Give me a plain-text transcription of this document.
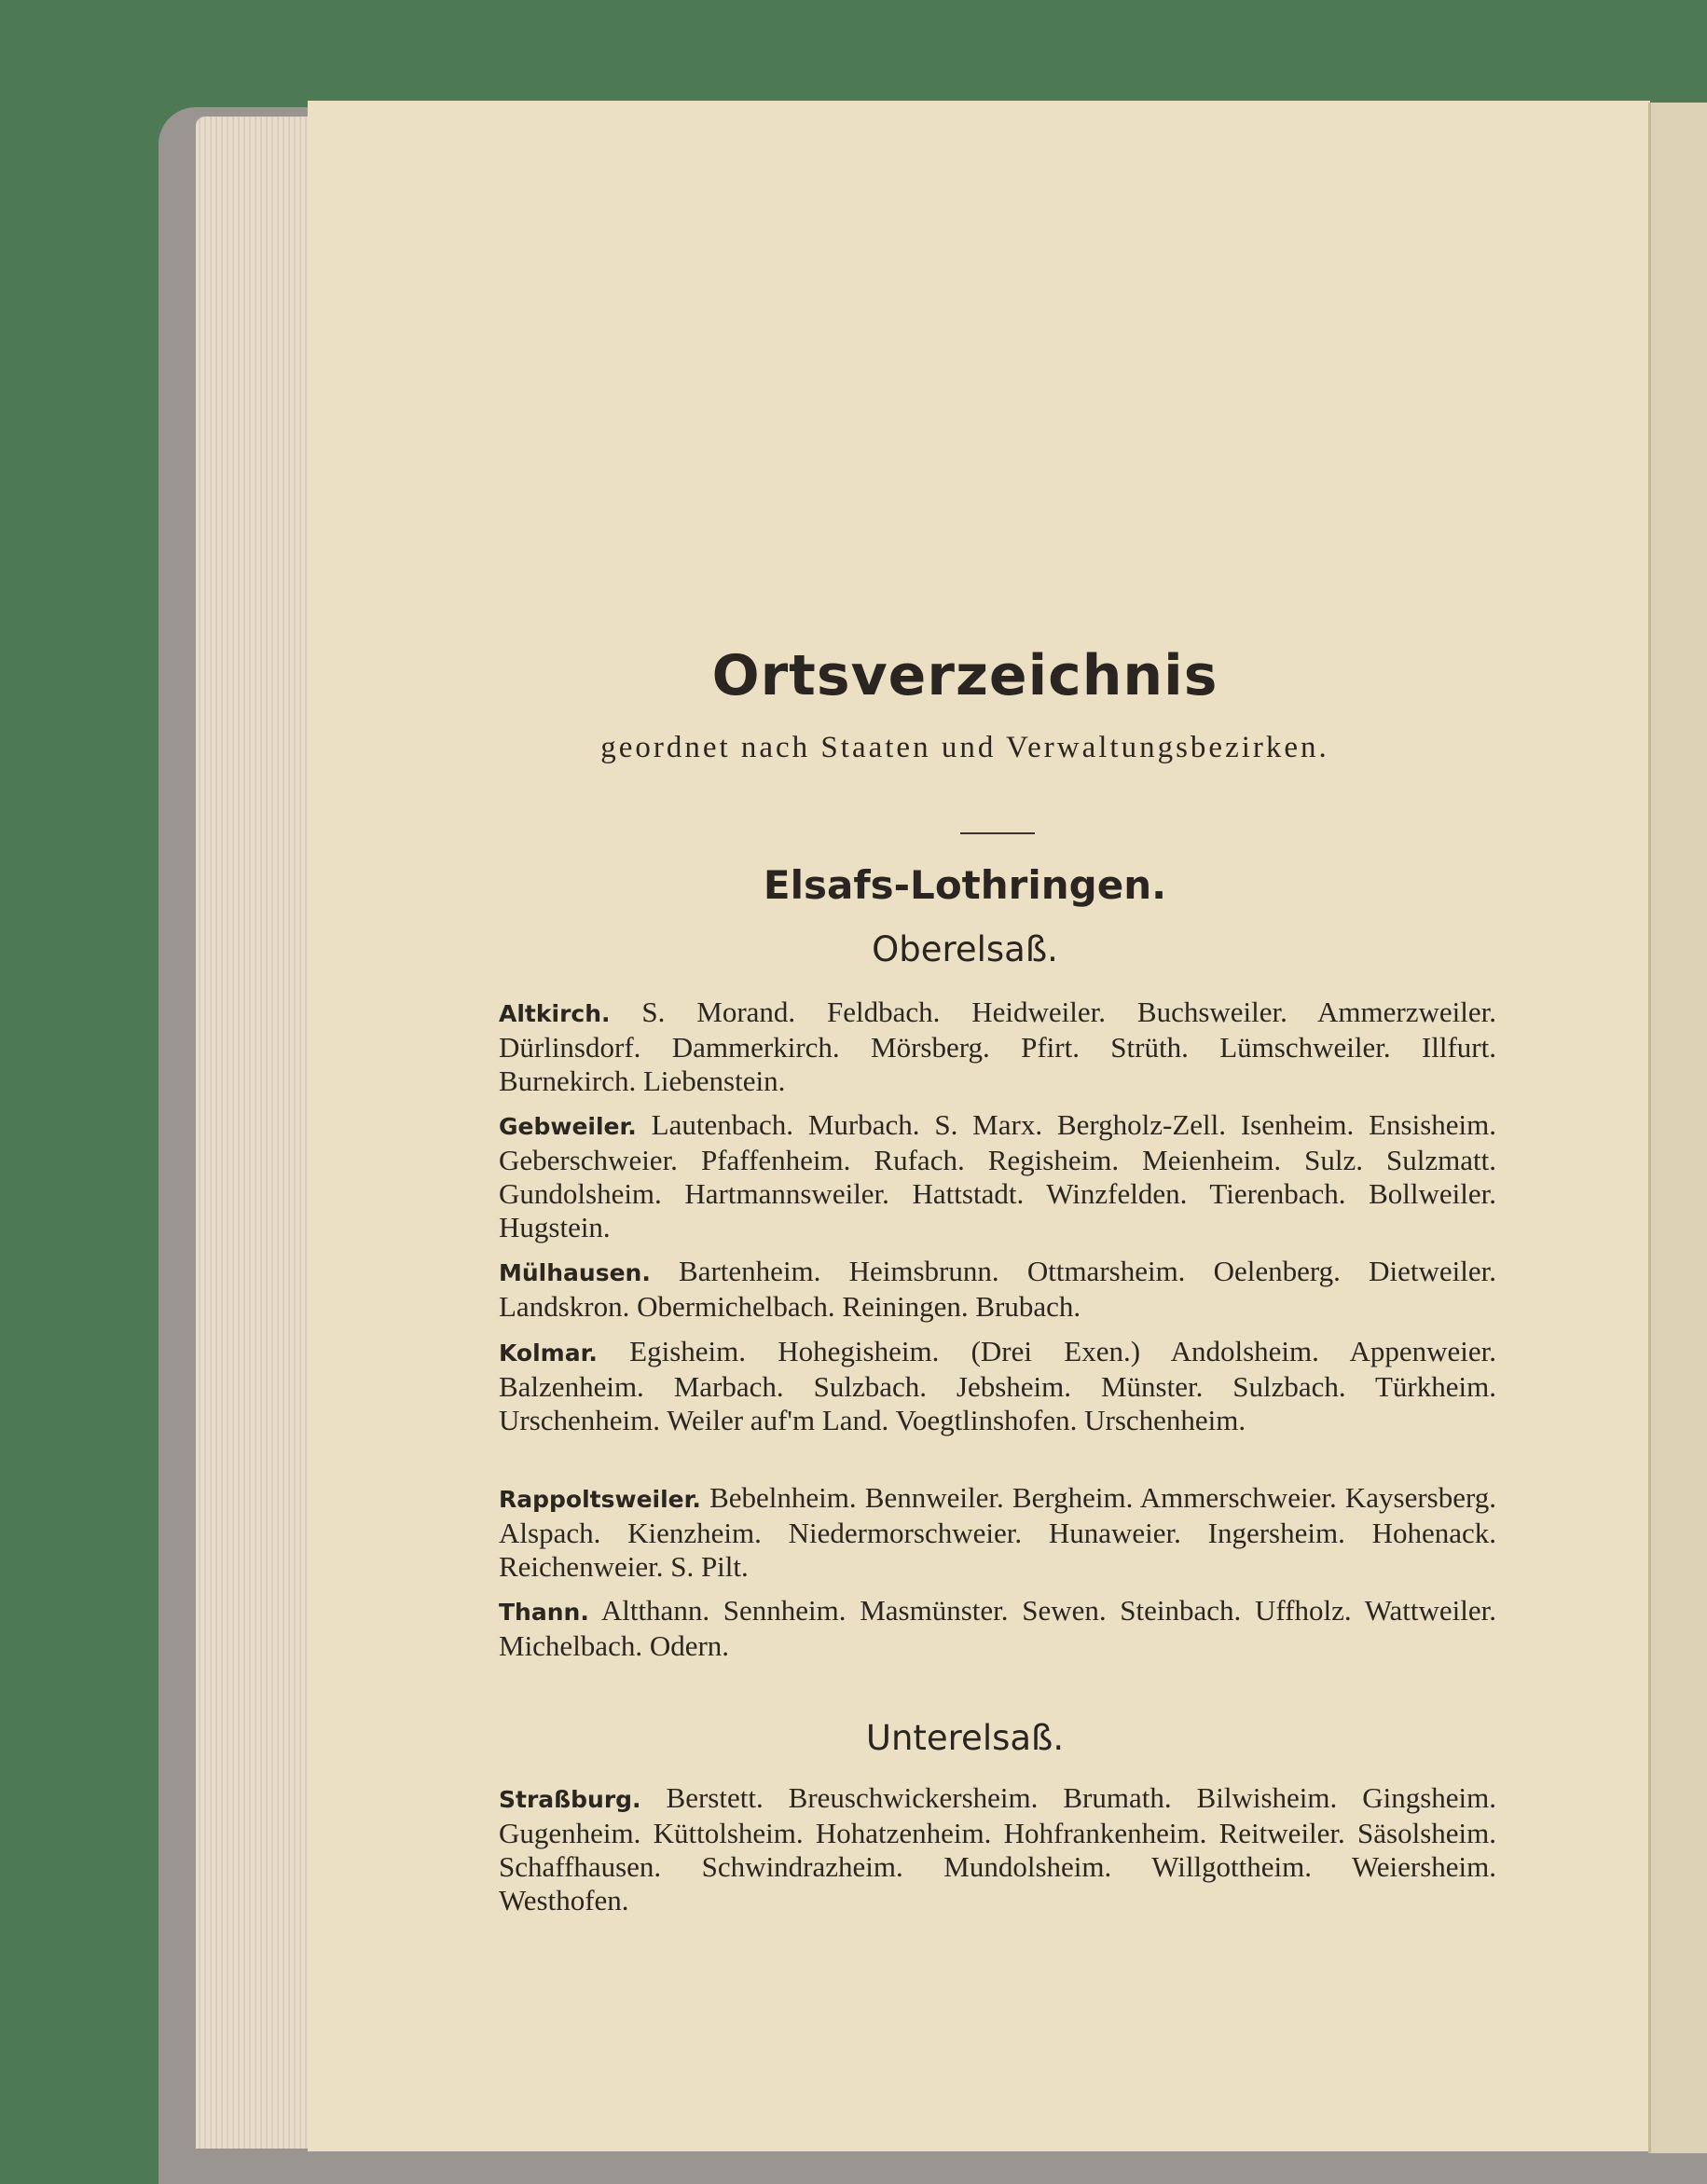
Ortsverzeichnis
geordnet nach Staaten und Verwaltungsbezirken.
Elsafs-Lothringen.
Oberelsaß.
Altkirch. S. Morand. Feldbach. Heidweiler. Buchsweiler. Ammerzweiler. Dürlinsdorf. Dammerkirch. Mörsberg. Pfirt. Strüth. Lümschweiler. Illfurt. Burnekirch. Liebenstein.
Gebweiler. Lautenbach. Murbach. S. Marx. Bergholz-Zell. Isenheim. Ensisheim. Geberschweier. Pfaffenheim. Rufach. Regisheim. Meienheim. Sulz. Sulzmatt. Gundolsheim. Hartmannsweiler. Hattstadt. Winzfelden. Tierenbach. Bollweiler. Hugstein.
Mülhausen. Bartenheim. Heimsbrunn. Ottmarsheim. Oelenberg. Dietweiler. Landskron. Obermichelbach. Reiningen. Brubach.
Kolmar. Egisheim. Hohegisheim. (Drei Exen.) Andolsheim. Appenweier. Balzenheim. Marbach. Sulzbach. Jebsheim. Münster. Sulzbach. Türkheim. Urschenheim. Weiler auf'm Land. Voegtlinshofen. Urschenheim.
Rappoltsweiler. Bebelnheim. Bennweiler. Bergheim. Ammerschweier. Kaysersberg. Alspach. Kienzheim. Niedermorschweier. Hunaweier. Ingersheim. Hohenack. Reichenweier. S. Pilt.
Thann. Altthann. Sennheim. Masmünster. Sewen. Steinbach. Uffholz. Wattweiler. Michelbach. Odern.
Unterelsaß.
Straßburg. Berstett. Breuschwickersheim. Brumath. Bilwisheim. Gingsheim. Gugenheim. Küttolsheim. Hohatzenheim. Hohfrankenheim. Reitweiler. Säsolsheim. Schaffhausen. Schwindrazheim. Mundolsheim. Willgottheim. Weiersheim. Westhofen.
